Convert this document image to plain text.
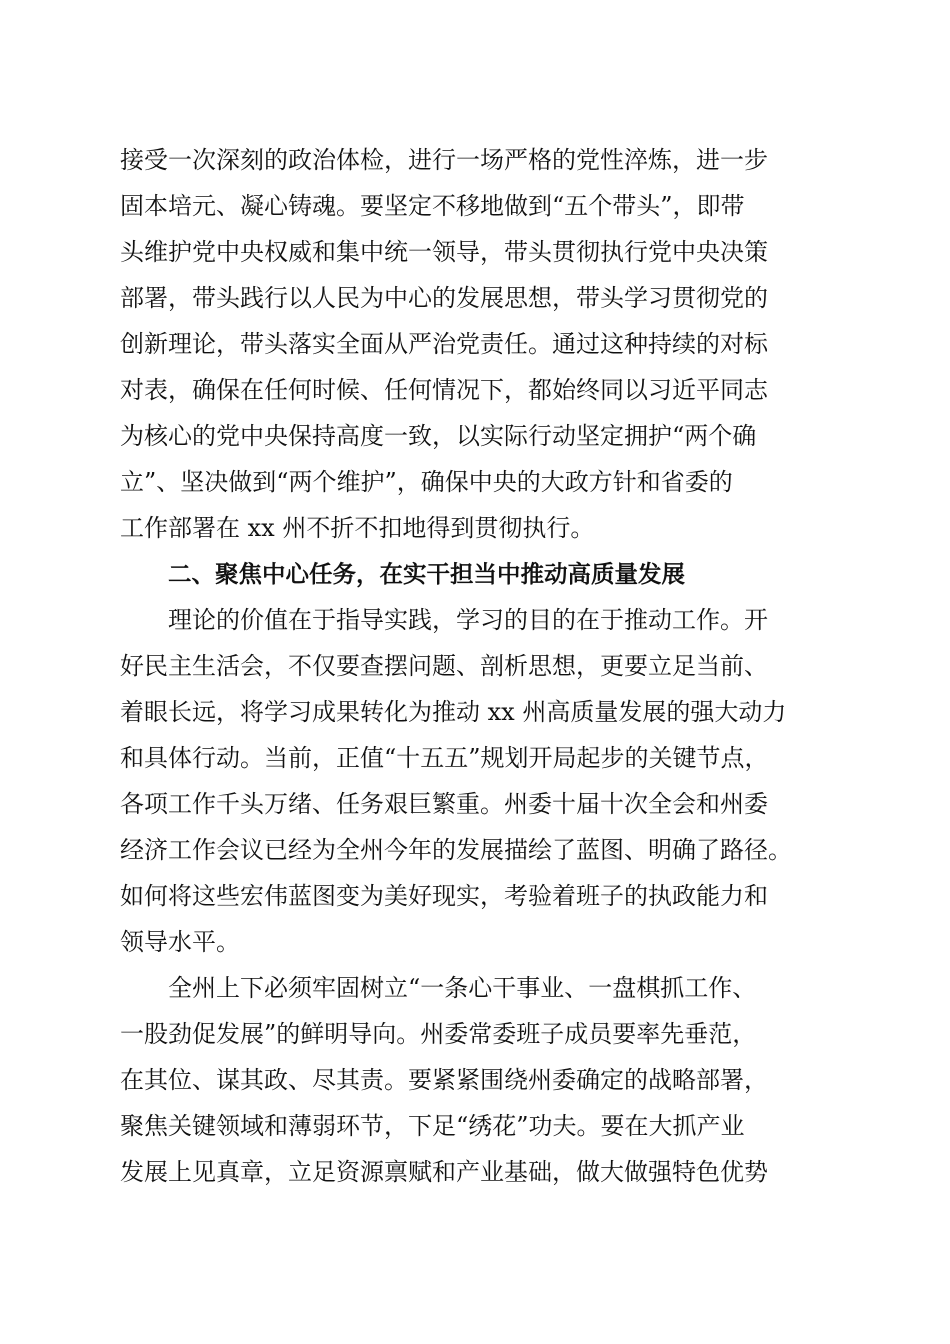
接受一次深刻的政治体检，进行一场严格的党性淬炼，进一步
固本培元、凝心铸魂。要坚定不移地做到“五个带头”，即带
头维护党中央权威和集中统一领导，带头贯彻执行党中央决策
部署，带头践行以人民为中心的发展思想，带头学习贯彻党的
创新理论，带头落实全面从严治党责任。通过这种持续的对标
对表，确保在任何时候、任何情况下，都始终同以习近平同志
为核心的党中央保持高度一致，以实际行动坚定拥护“两个确
立”、坚决做到“两个维护”，确保中央的大政方针和省委的
工作部署在 xx 州不折不扣地得到贯彻执行。
二、聚焦中心任务，在实干担当中推动高质量发展
理论的价值在于指导实践，学习的目的在于推动工作。开
好民主生活会，不仅要查摆问题、剖析思想，更要立足当前、
着眼长远，将学习成果转化为推动 xx 州高质量发展的强大动力
和具体行动。当前，正值“十五五”规划开局起步的关键节点，
各项工作千头万绪、任务艰巨繁重。州委十届十次全会和州委
经济工作会议已经为全州今年的发展描绘了蓝图、明确了路径。
如何将这些宏伟蓝图变为美好现实，考验着班子的执政能力和
领导水平。
全州上下必须牢固树立“一条心干事业、一盘棋抓工作、
一股劲促发展”的鲜明导向。州委常委班子成员要率先垂范，
在其位、谋其政、尽其责。要紧紧围绕州委确定的战略部署，
聚焦关键领域和薄弱环节，下足“绣花”功夫。要在大抓产业
发展上见真章，立足资源禀赋和产业基础，做大做强特色优势
